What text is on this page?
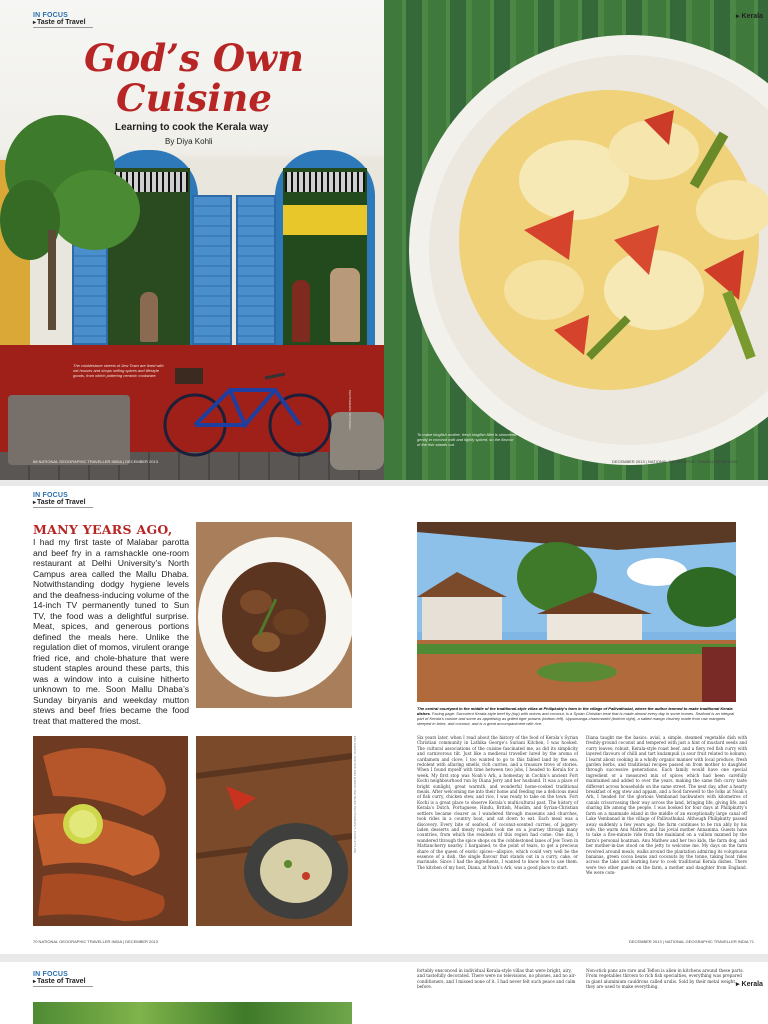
IN FOCUS
▸ Taste of Travel
God’s Own
Cuisine
Learning to cook the Kerala way
By Diya Kohli
The cobblestone streets of Jew Town are lined with old houses and shops selling spices and lifestyle goods, from which pottering ceramic cookware.
PHOTOGRAPH: DIYA KOHLI
68 NATIONAL GEOGRAPHIC TRAVELLER INDIA | DECEMBER 2013
▸ Kerala
To make kingfish moilee, fresh kingfish fillet is simmered gently in coconut milk and lightly spiced, so the flavour of the fish stands out.
DECEMBER 2013 | NATIONAL GEOGRAPHIC TRAVELLER INDIA 69
IN FOCUS
▸ Taste of Travel
MANY YEARS AGO,
I had my first taste of Malabar parotta and beef fry in a ramshackle one-room restaurant at Delhi University’s North Campus area called the Mallu Dhaba. Notwithstanding dodgy hygiene levels and the deafness-inducing volume of the 14-inch TV permanently tuned to Sun TV, the food was a delightful surprise. Meat, spices, and generous portions defined the meals here. Unlike the regulation diet of momos, virulent orange fried rice, and chole-bhature that were student staples around these parts, this was a window into a cuisine hitherto unknown to me. Soon Mallu Dhaba’s Sunday biryanis and weekday mutton stews and beef fries became the food treat that mattered the most.
ERA GAROO; PHOTOS: ERA GAROO AND RHAKI PHOTOGRAPHY; FOOD STYLING
70 NATIONAL GEOGRAPHIC TRAVELLER INDIA | DECEMBER 2013
The central courtyard in the middle of the traditional-style villas at Philipkutty’s farm in the village of Pallivathukal, where the author learned to make traditional Kerala dishes. Facing page: Succulent Kerala-style beef fry (top) with onions and coconut, is a Syrian Christian treat that is made almost every day in some homes. Seafood is an integral part of Kerala’s cuisine and some as appetising as grilled tiger prawns (bottom left). Uppumanga-chammanthi (bottom right), a salted mango chutney made from raw mangoes steeped in brine, and coconut, and is a great accompaniment with rice.
Six years later, when I read about the history of the food of Kerala’s Syrian Christian community in Lathika George’s Suriani Kitchen, I was hooked. The cultural associations of the cuisine fascinated me, as did its simplicity and carnivorous tilt. Just like a medieval traveller lured by the aroma of cardamom and clove, I too wanted to go to this fabled land by the sea, redolent with alluring smells, rich curries, and a treasure trove of stories. When I found myself with time between two jobs, I headed to Kerala for a week. My first stop was Noah’s Ark, a homestay in Cochin’s ancient Fort Kochi neighbourhood run by Diana Jerry and her husband. It was a place of bright sunlight, great warmth, and wonderful home-cooked traditional meals. After welcoming me into their home and feeding me a delicious meal of fish curry, chicken stew, and rice, I was ready to take on the town. Fort Kochi is a great place to observe Kerala’s multicultural past. The history of Kerala’s Dutch, Portuguese, Hindu, British, Muslim, and Syrian-Christian settlers became clearer as I wandered through museums and churches, took rides in a country boat, and sat down to eat. Each meal was a discovery. Every bite of seafood, of coconut-scented curries, of jaggery-laden desserts and meaty repasts took me on a journey through many countries, from which the residents of this region had come. One day, I wandered through the spice shops on the cobblestoned lanes of Jew Town in Mattancherry nearby. I bargained, to the point of tears, to get a precious share of the queen of exotic spices—allspice, which could very well be the essence of a dish, the single flavour that stands out in a curry, cake, or marinade. Since I had the ingredients, I wanted to know how to use them. The kitchen of my host, Diana, at Noah’s Ark, was a good place to start.
Diana taught me the basics: avial, a simple, steamed vegetable dish with freshly-ground coconut and tempered with just a hint of mustard seeds and curry leaves; robust, Kerala-style roast beef, and a fiery red fish curry with layered flavours of chilli and tart kudampuli (a sour fruit related to kokum). I learnt about cooking in a wholly organic manner with local produce, fresh garden herbs, and traditional recipes passed on from mother to daughter through successive generations. Each family would have one special ingredient or a measured mix of spices which had been carefully maintained and added to over the years, making the same fish curry taste different across households on the same street. The next day, after a hearty breakfast of egg stew and appam, and a food farewell to the folks at Noah’s Ark, I headed for the glorious Vembanad backwaters with kilometres of canals crisscrossing their way across the land, bringing life, giving life, and sharing life among the people. I was booked for four days at Philipkutty’s farm on a manmade island in the middle of an exceptionally large canal off Lake Vembanad in the village of Pallivathukal. Although Philipkutty passed away suddenly a few years ago, the farm continues to be run ably by his wife, the warm Anu Mathew, and his jovial mother Annamma. Guests have to take a five-minute ride from the mainland on a vallom manned by the farm’s personal boatman. Anu Mathew and her two kids, the farm dog, and her mother-in-law stood on the jetty to welcome me. My days on the farm revolved around meals, walks around the plantation admiring its voluptuous bananas, green cocoa beans and coconuts by the tonne, taking boat rides across the lake and learning how to cook traditional Kerala dishes. There were two other guests on the farm, a mother and daughter from England. We were com-
DECEMBER 2013 | NATIONAL GEOGRAPHIC TRAVELLER INDIA 71
IN FOCUS
▸ Taste of Travel
▸	Kerala
fortably ensconced in individual Kerala-style villas that were bright, airy, and tastefully decorated. There were no televisions, no phones, and no air-conditioners, and I missed none of it. I had never felt such peace and calm before.
Non-stick pans are rare and Teflon is alien in kitchens around these parts. From vegetables thrown to rich fish specialties, everything was prepared in giant aluminium cauldrons called urulis. Sold by their metal weight, they are used to make everything.
